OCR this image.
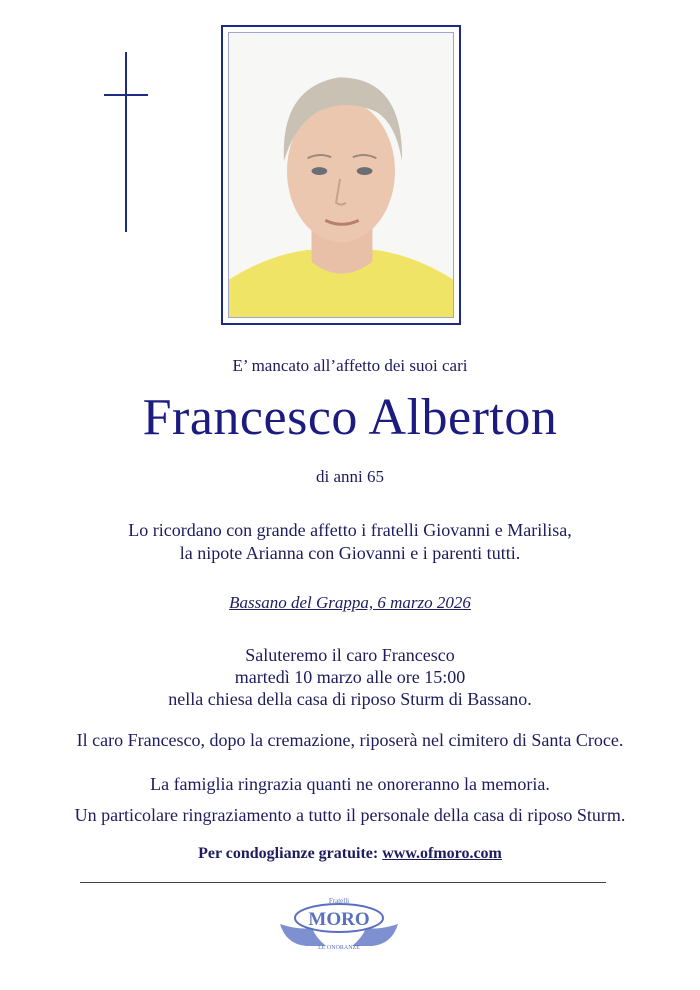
E’ mancato all’affetto dei suoi cari
Francesco Alberton
di anni 65
Lo ricordano con grande affetto i fratelli Giovanni e Marilisa,
la nipote Arianna con Giovanni e i parenti tutti.
Bassano del Grappa, 6 marzo 2026
Saluteremo il caro Francesco
martedì 10 marzo alle ore 15:00
nella chiesa della casa di riposo Sturm di Bassano.
Il caro Francesco, dopo la cremazione, riposerà nel cimitero di Santa Croce.
La famiglia ringrazia quanti ne onoreranno la memoria.
Un particolare ringraziamento a tutto il personale della casa di riposo Sturm.
Per condoglianze gratuite: www.ofmoro.com
Fratelli
MORO
LE ONORANZE
